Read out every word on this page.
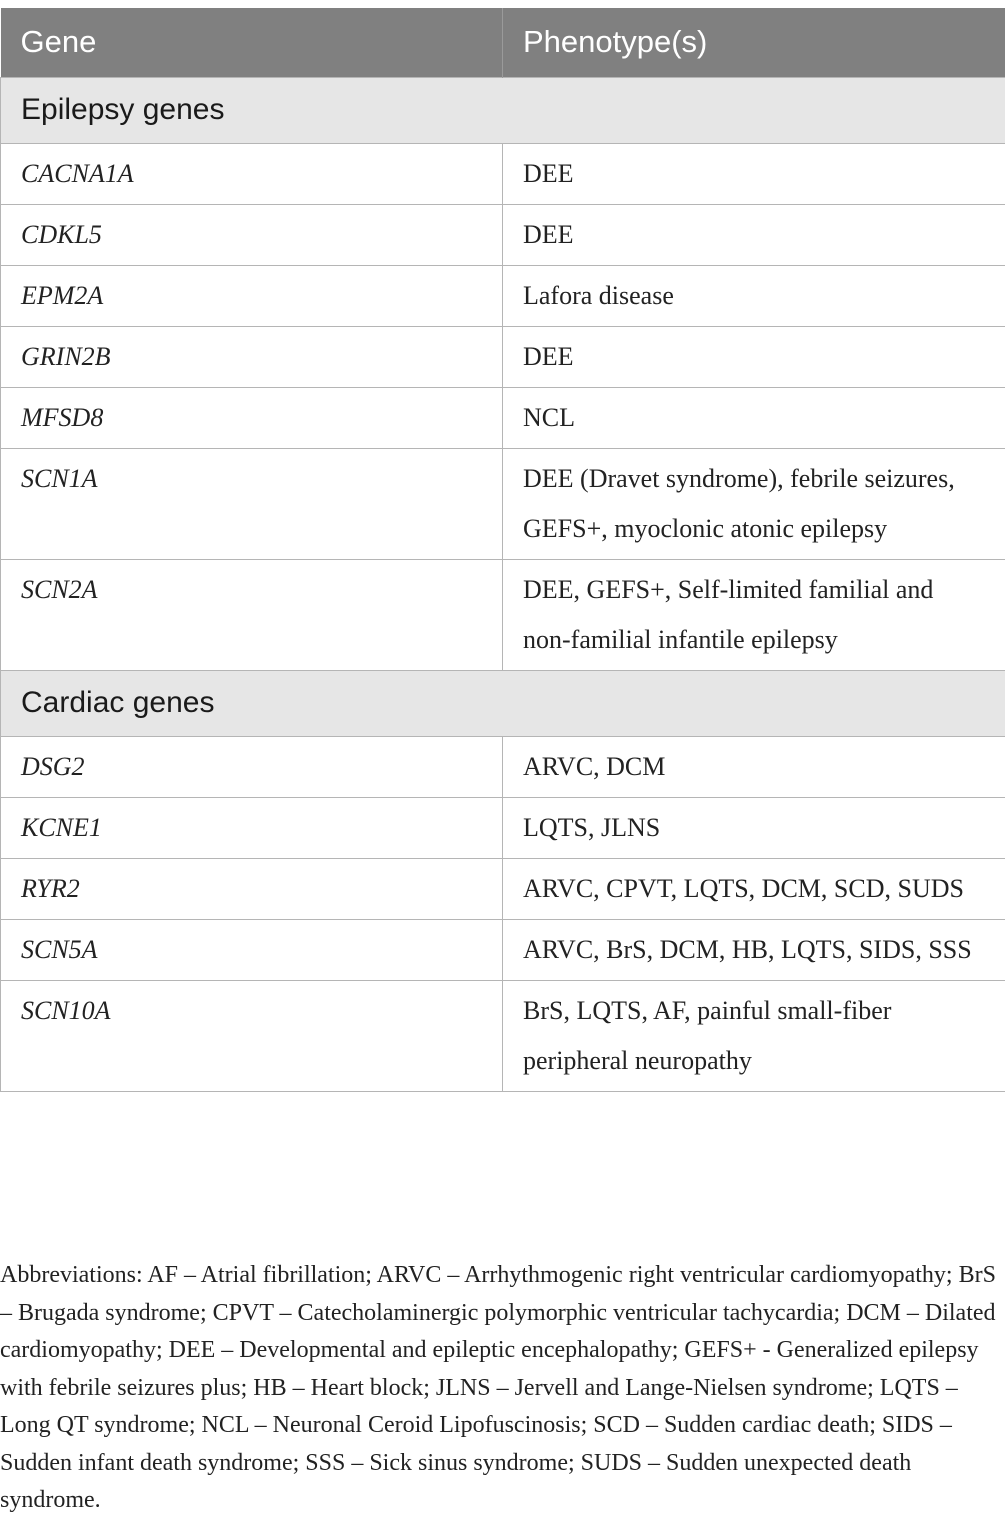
Gene	Phenotype(s)
Epilepsy genes	
CACNA1A	DEE
CDKL5	DEE
EPM2A	Lafora disease
GRIN2B	DEE
MFSD8	NCL
SCN1A	DEE (Dravet syndrome), febrile seizures, GEFS+, myoclonic atonic epilepsy
SCN2A	DEE, GEFS+, Self-limited familial and non-familial infantile epilepsy
Cardiac genes	
DSG2	ARVC, DCM
KCNE1	LQTS, JLNS
RYR2	ARVC, CPVT, LQTS, DCM, SCD, SUDS
SCN5A	ARVC, BrS, DCM, HB, LQTS, SIDS, SSS
SCN10A	BrS, LQTS, AF, painful small-fiber peripheral neuropathy

Abbreviations: AF – Atrial fibrillation; ARVC – Arrhythmogenic right ventricular cardiomyopathy; BrS – Brugada syndrome; CPVT – Catecholaminergic polymorphic ventricular tachycardia; DCM – Dilated cardiomyopathy; DEE – Developmental and epileptic encephalopathy; GEFS+ - Generalized epilepsy with febrile seizures plus; HB – Heart block; JLNS – Jervell and Lange-Nielsen syndrome; LQTS – Long QT syndrome; NCL – Neuronal Ceroid Lipofuscinosis; SCD – Sudden cardiac death; SIDS – Sudden infant death syndrome; SSS – Sick sinus syndrome; SUDS – Sudden unexpected death syndrome.
